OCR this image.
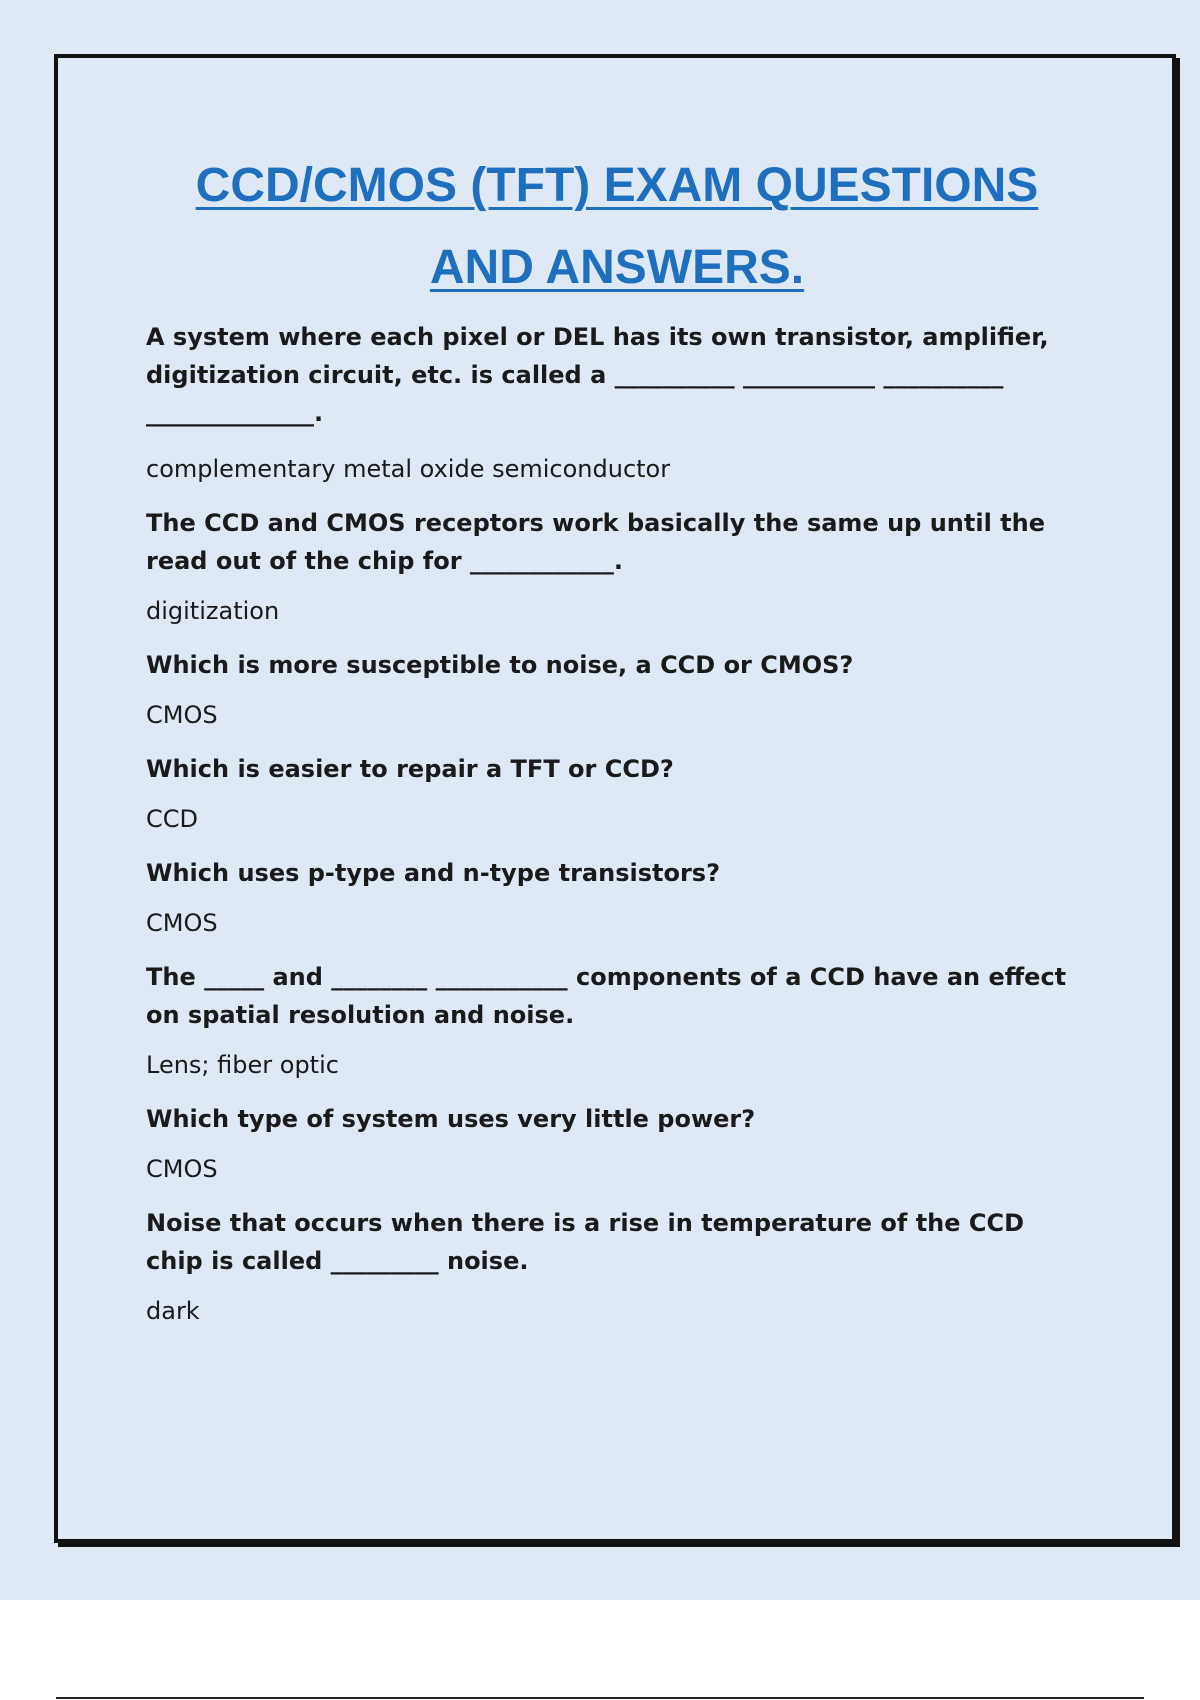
CCD/CMOS (TFT) EXAM QUESTIONS
AND ANSWERS.
A system where each pixel or DEL has its own transistor, amplifier, digitization circuit, etc. is called a __________ ___________ __________ ______________.
complementary metal oxide semiconductor
The CCD and CMOS receptors work basically the same up until the read out of the chip for ____________.
digitization
Which is more susceptible to noise, a CCD or CMOS?
CMOS
Which is easier to repair a TFT or CCD?
CCD
Which uses p-type and n-type transistors?
CMOS
The _____ and ________ ___________ components of a CCD have an effect on spatial resolution and noise.
Lens; fiber optic
Which type of system uses very little power?
CMOS
Noise that occurs when there is a rise in temperature of the CCD chip is called _________ noise.
dark
